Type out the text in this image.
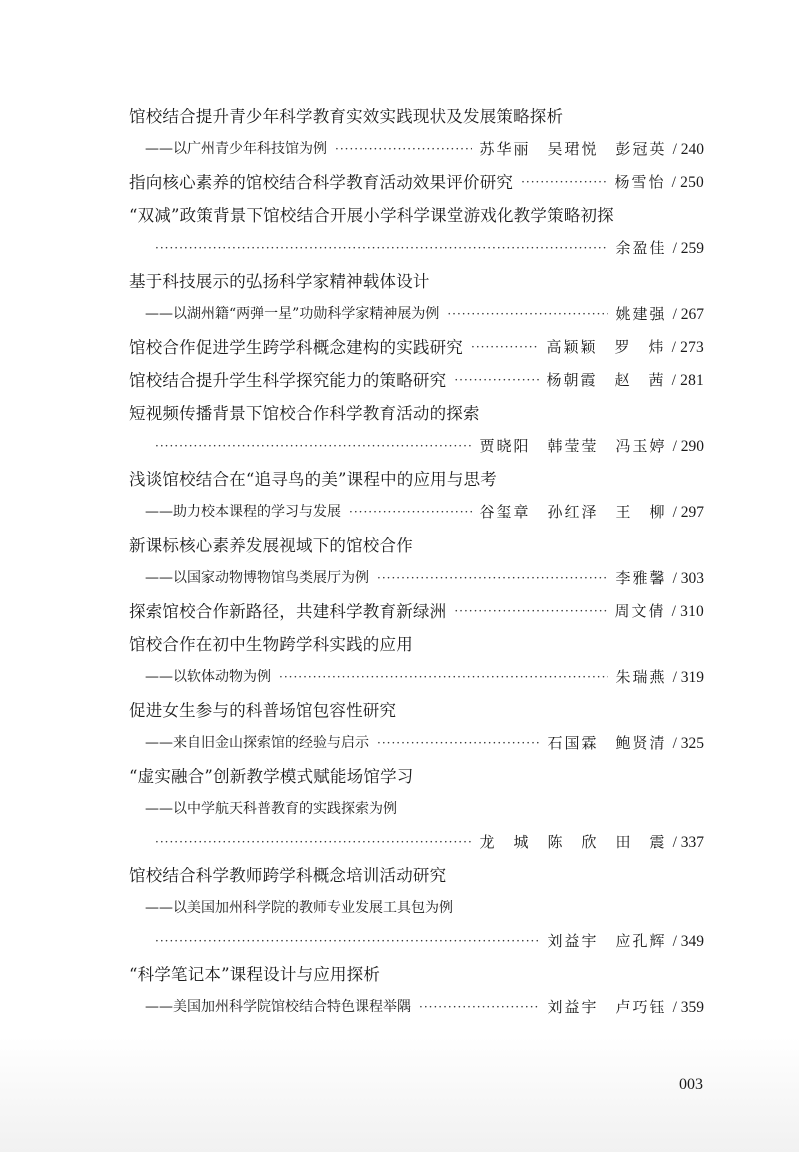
馆校结合提升青少年科学教育实效实践现状及发展策略探析
——以广州青少年科技馆为例 ·····	苏华丽　吴珺悦　彭冠英 / 240
指向核心素养的馆校结合科学教育活动效果评价研究 ·····	杨雪怡 / 250
“双减”政策背景下馆校结合开展小学科学课堂游戏化教学策略初探
·····
余盈佳 / 259
基于科技展示的弘扬科学家精神载体设计
——以湖州籍“两弹一星”功勋科学家精神展为例 ·····	姚建强 / 267
馆校合作促进学生跨学科概念建构的实践研究 ·····	高颖颖　罗　炜 / 273
馆校结合提升学生科学探究能力的策略研究 ·····	杨朝霞　赵　茜 / 281
短视频传播背景下馆校合作科学教育活动的探索
·····
贾晓阳　韩莹莹　冯玉婷 / 290
浅谈馆校结合在“追寻鸟的美”课程中的应用与思考
——助力校本课程的学习与发展 ·····	谷玺章　孙红泽　王　柳 / 297
新课标核心素养发展视域下的馆校合作
——以国家动物博物馆鸟类展厅为例 ·····	李雅馨 / 303
探索馆校合作新路径，共建科学教育新绿洲 ·····	周文倩 / 310
馆校合作在初中生物跨学科实践的应用
——以软体动物为例 ·····	朱瑞燕 / 319
促进女生参与的科普场馆包容性研究
——来自旧金山探索馆的经验与启示 ·····	石国霖　鲍贤清 / 325
“虚实融合”创新教学模式赋能场馆学习
——以中学航天科普教育的实践探索为例
·····
龙　城　陈　欣　田　震 / 337
馆校结合科学教师跨学科概念培训活动研究
——以美国加州科学院的教师专业发展工具包为例
·····
刘益宇　应孔辉 / 349
“科学笔记本”课程设计与应用探析
——美国加州科学院馆校结合特色课程举隅 ·····	刘益宇　卢巧钰 / 359
003
